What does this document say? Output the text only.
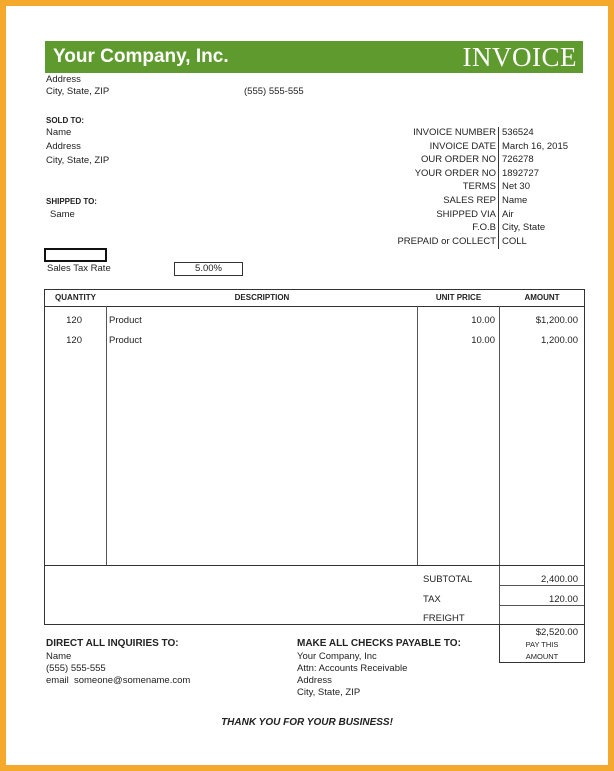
Your Company, Inc.	INVOICE
Address
City, State, ZIP	(555) 555-555
SOLD TO:
Name
Address
City, State, ZIP
SHIPPED TO:
Same
INVOICE NUMBER 536524
INVOICE DATE March 16, 2015
OUR ORDER NO 726278
YOUR ORDER NO 1892727
TERMS Net 30
SALES REP Name
SHIPPED VIA Air
F.O.B City, State
PREPAID or COLLECT COLL
Sales Tax Rate	5.00%
QUANTITY	DESCRIPTION	UNIT PRICE	AMOUNT
120	Product	10.00	$1,200.00
120	Product	10.00	1,200.00
SUBTOTAL	2,400.00
TAX	120.00
FREIGHT
$2,520.00
PAY THIS
AMOUNT
DIRECT ALL INQUIRIES TO:
Name
(555) 555-555
email  someone@somename.com
MAKE ALL CHECKS PAYABLE TO:
Your Company, Inc
Attn: Accounts Receivable
Address
City, State, ZIP
THANK YOU FOR YOUR BUSINESS!
